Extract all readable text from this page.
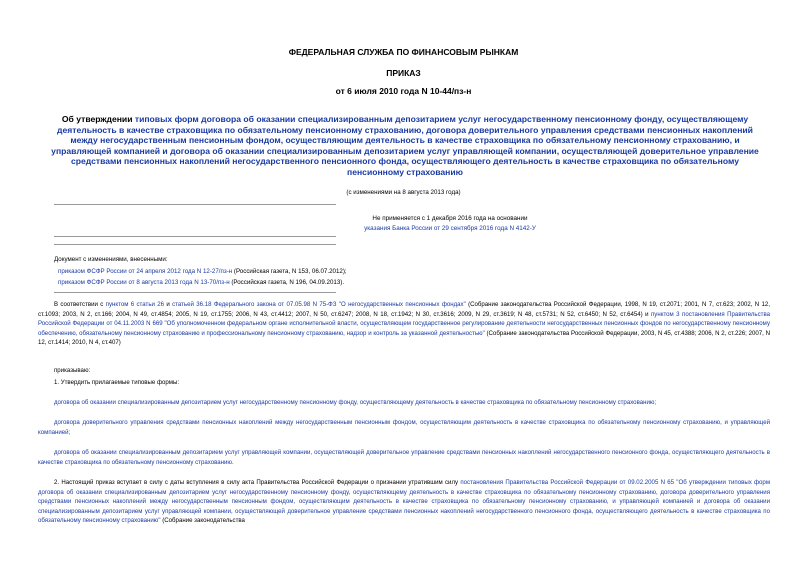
ФЕДЕРАЛЬНАЯ СЛУЖБА ПО ФИНАНСОВЫМ РЫНКАМ
ПРИКАЗ
от 6 июля 2010 года N 10-44/пз-н
Об утверждении типовых форм договора об оказании специализированным депозитарием услуг негосударственному пенсионному фонду, осуществляющему деятельность в качестве страховщика по обязательному пенсионному страхованию, договора доверительного управления средствами пенсионных накоплений между негосударственным пенсионным фондом, осуществляющим деятельность в качестве страховщика по обязательному пенсионному страхованию, и управляющей компанией и договора об оказании специализированным депозитарием услуг управляющей компании, осуществляющей доверительное управление средствами пенсионных накоплений негосударственного пенсионного фонда, осуществляющего деятельность в качестве страховщика по обязательному пенсионному страхованию
(с изменениями на 8 августа 2013 года)
Не применяется с 1 декабря 2016 года на основании
указания Банка России от 29 сентября 2016 года N 4142-У
Документ с изменениями, внесенными:
приказом ФСФР России от 24 апреля 2012 года N 12-27/пз-н (Российская газета, N 153, 06.07.2012);
приказом ФСФР России от 8 августа 2013 года N 13-70/пз-н (Российская газета, N 196, 04.09.2013).

В соответствии с пунктом 6 статьи 26 и статьей 36.18 Федерального закона от 07.05.98 N 75-ФЗ "О негосударственных пенсионных фондах" (Собрание законодательства Российской Федерации, 1998, N 19, ст.2071; 2001, N 7, ст.623; 2002, N 12, ст.1093; 2003, N 2, ст.166; 2004, N 49, ст.4854; 2005, N 19, ст.1755; 2006, N 43, ст.4412; 2007, N 50, ст.6247; 2008, N 18, ст.1942; N 30, ст.3616; 2009, N 29, ст.3619; N 48, ст.5731; N 52, ст.6450; N 52, ст.6454) и пунктом 3 постановления Правительства Российской Федерации от 04.11.2003 N 669 "Об уполномоченном федеральном органе исполнительной власти, осуществляющем государственное регулирование деятельности негосударственных пенсионных фондов по негосударственному пенсионному обеспечению, обязательному пенсионному страхованию и профессиональному пенсионному страхованию, надзор и контроль за указанной деятельностью" (Собрание законодательства Российской Федерации, 2003, N 45, ст.4388; 2006, N 2, ст.226; 2007, N 12, ст.1414; 2010, N 4, ст.407)

приказываю:

1. Утвердить прилагаемые типовые формы:

договора об оказании специализированным депозитарием услуг негосударственному пенсионному фонду, осуществляющему деятельность в качестве страховщика по обязательному пенсионному страхованию;

договора доверительного управления средствами пенсионных накоплений между негосударственным пенсионным фондом, осуществляющим деятельность в качестве страховщика по обязательному пенсионному страхованию, и управляющей компанией;

договора об оказании специализированным депозитарием услуг управляющей компании, осуществляющей доверительное управление средствами пенсионных накоплений негосударственного пенсионного фонда, осуществляющего деятельность в качестве страховщика по обязательному пенсионному страхованию.

2. Настоящий приказ вступает в силу с даты вступления в силу акта Правительства Российской Федерации о признании утратившим силу постановления Правительства Российской Федерации от 09.02.2005 N 65 "Об утверждении типовых форм договора об оказании специализированным депозитарием услуг негосударственному пенсионному фонду, осуществляющему деятельность в качестве страховщика по обязательному пенсионному страхованию, договора доверительного управления средствами пенсионных накоплений между негосударственным пенсионным фондом, осуществляющим деятельность в качестве страховщика по обязательному пенсионному страхованию, и управляющей компанией и договора об оказании специализированным депозитарием услуг управляющей компании, осуществляющей доверительное управление средствами пенсионных накоплений негосударственного пенсионного фонда, осуществляющего деятельность в качестве страховщика по обязательному пенсионному страхованию" (Собрание законодательства
